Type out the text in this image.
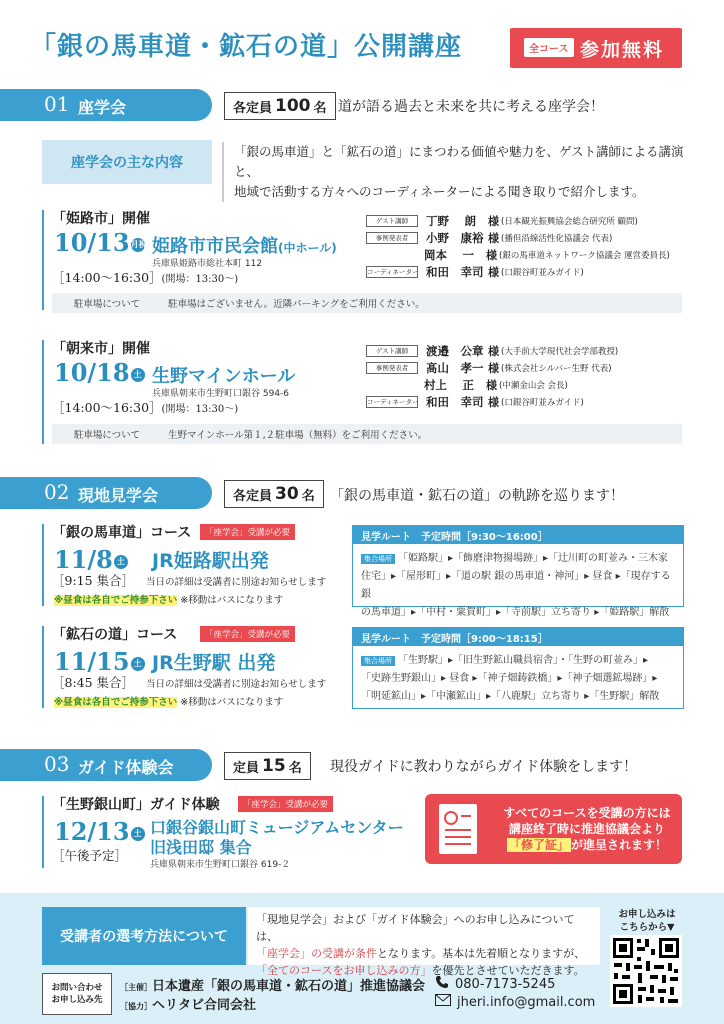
「銀の馬車道・鉱石の道」公開講座	全コース 参加無料
01 座学会	各定員 100 名 道が語る過去と未来を共に考える座学会！
座学会の主な内容
「銀の馬車道」と「鉱石の道」にまつわる価値や魅力を、ゲスト講師による講演と、
地域で活動する方々へのコーディネーターによる聞き取りで紹介します。
「姫路市」開催
10/13月祝 姫路市市民会館(中ホール)
兵庫県姫路市総社本町 112
［14:00〜16:30］(開場：13:30〜)
駐車場について	駐車場はございません。近隣パーキングをご利用ください。
ゲスト講師	丁野　 朗	様 (日本観光振興協会総合研究所 顧問)
事例発表者	小野　康裕 様 (播但沿線活性化協議会 代表)
岡本　 一	様 (銀の馬車道ネットワーク協議会 運営委員長)
コーディネーター 和田　幸司 様 (口銀谷町並みガイド)
「朝来市」開催
10/18 土 生野マインホール
兵庫県朝来市生野町口銀谷 594-6
［14:00〜16:30］(開場：13:30〜)
駐車場について	生野マインホール第１,２駐車場（無料）をご利用ください。
ゲスト講師	渡邉　公章 様 (大手前大学現代社会学部教授)
事例発表者	髙山　孝一 様 (株式会社シルバー生野 代表)
村上　 正	様 (中瀬金山会 会長)
コーディネーター 和田　幸司 様 (口銀谷町並みガイド)
02 現地見学会	各定員 30 名 「銀の馬車道・鉱石の道」の軌跡を巡ります！
「銀の馬車道」コース	「座学会」受講が必要
11/8 土 JR姫路駅出発
［9:15 集合］ 当日の詳細は受講者に別途お知らせします
※昼食は各自でご持参下さい ※移動はバスになります
見学ルート 予定時間［9:30〜16:00］
集合場所 「姫路駅」▸「飾磨津物揚場跡」▸「辻川町の町並み・三木家
住宅」▸「屋形町」▸「道の駅 銀の馬車道・神河」▸ 昼食 ▸「現存する銀
の馬車道」▸「中村・粟賀町」▸「寺前駅」立ち寄り ▸「姫路駅」解散
「鉱石の道」コース	「座学会」受講が必要
11/15 土 JR生野駅 出発
［8:45 集合］ 当日の詳細は受講者に別途お知らせします
※昼食は各自でご持参下さい ※移動はバスになります
見学ルート 予定時間［9:00〜18:15］
集合場所 「生野駅」▸「旧生野鉱山職員宿舎」・「生野の町並み」▸
「史跡生野銀山」▸ 昼食 ▸「神子畑鋳鉄橋」▸「神子畑選鉱場跡」▸
「明延鉱山」▸「中瀬鉱山」▸「八鹿駅」立ち寄り ▸「生野駅」解散
03 ガイド体験会	定員 15 名 現役ガイドに教わりながらガイド体験をします！
「生野銀山町」ガイド体験	「座学会」受講が必要
12/13 土
［午後予定］
口銀谷銀山町ミュージアムセンター
旧浅田邸 集合
兵庫県朝来市生野町口銀谷 619-２
すべてのコースを受講の方には
講座終了時に推進協議会より
「修了証」 が進呈されます！
受講者の選考方法について
「現地見学会」および「ガイド体験会」へのお申し込みについては、
「座学会」の受講が条件となります。基本は先着順となりますが、
「全てのコースをお申し込みの方」を優先とさせていただきます。
お問い合わせ
お申し込み先
［主催］日本遺産「銀の馬車道・鉱石の道」推進協議会
［協力］ヘリタビ合同会社
080-7173-5245
jheri.info@gmail.com
お申し込みは
こちらから▼
